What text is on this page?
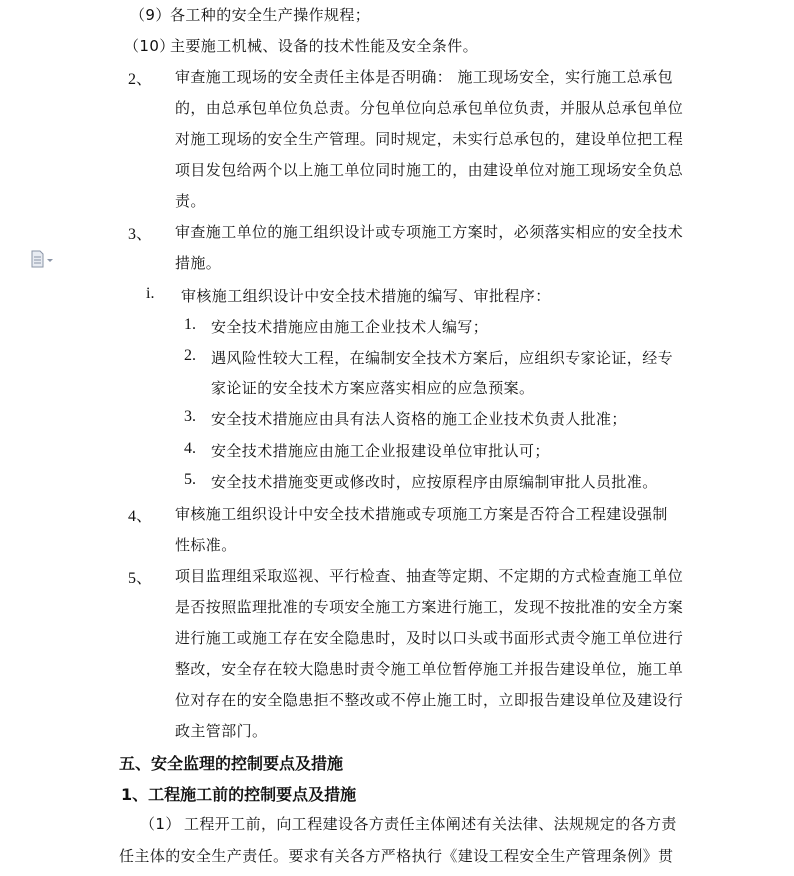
（9） 各工种的安全生产操作规程；
（10）
主要施工机械、设备的技术性能及安全条件。
2、 审查施工现场的安全责任主体是否明确： 施工现场安全，实行施工总承包
的，由总承包单位负总责。分包单位向总承包单位负责，并服从总承包单位
对施工现场的安全生产管理。同时规定，未实行总承包的，建设单位把工程
项目发包给两个以上施工单位同时施工的，由建设单位对施工现场安全负总
责。
3、 审查施工单位的施工组织设计或专项施工方案时，必须落实相应的安全技术
措施。
i. 审核施工组织设计中安全技术措施的编写、审批程序：
1. 安全技术措施应由施工企业技术人编写；
2. 遇风险性较大工程，在编制安全技术方案后，应组织专家论证，经专
家论证的安全技术方案应落实相应的应急预案。
3. 安全技术措施应由具有法人资格的施工企业技术负责人批准；
4. 安全技术措施应由施工企业报建设单位审批认可；
5. 安全技术措施变更或修改时，应按原程序由原编制审批人员批准。
4、 审核施工组织设计中安全技术措施或专项施工方案是否符合工程建设强制
性标准。
5、 项目监理组采取巡视、平行检查、抽查等定期、不定期的方式检查施工单位
是否按照监理批准的专项安全施工方案进行施工，发现不按批准的安全方案
进行施工或施工存在安全隐患时，及时以口头或书面形式责令施工单位进行
整改，安全存在较大隐患时责令施工单位暂停施工并报告建设单位，施工单
位对存在的安全隐患拒不整改或不停止施工时，立即报告建设单位及建设行
政主管部门。
五、安全监理的控制要点及措施
1、工程施工前的控制要点及措施
（1） 工程开工前，向工程建设各方责任主体阐述有关法律、法规规定的各方责
任主体的安全生产责任。要求有关各方严格执行《建设工程安全生产管理条例》贯
